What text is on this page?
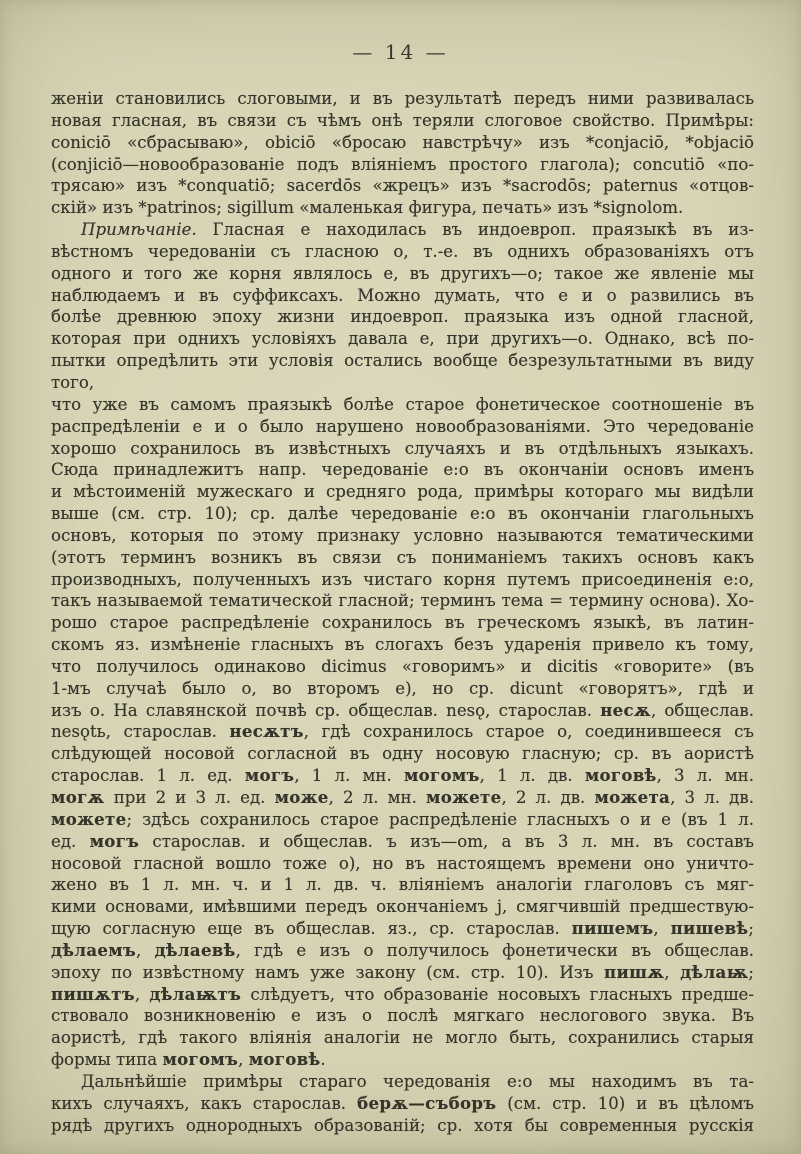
— 14 —
женіи становились слоговыми, и въ результатѣ передъ ними развивалась
новая гласная, въ связи съ чѣмъ онѣ теряли слоговое свойство. Примѣры:
coniciō «сбрасываю», obiciō «бросаю навстрѣчу» изъ *conjaciō, *objaciō
(conjiciō—новообразованіе подъ вліяніемъ простого глагола); concutiō «по-
трясаю» изъ *conquatiō; sacerdōs «жрецъ» изъ *sacrodōs; paternus «отцов-
скій» изъ *patrinos; sigillum «маленькая фигура, печать» изъ *signolom.
Примѣчаніе. Гласная е находилась въ индоевроп. праязыкѣ въ из-
вѣстномъ чередованіи съ гласною о, т.-е. въ однихъ образованіяхъ отъ
одного и того же корня являлось е, въ другихъ—о; такое же явленіе мы
наблюдаемъ и въ суффиксахъ. Можно думать, что е и о развились въ
болѣе древнюю эпоху жизни индоевроп. праязыка изъ одной гласной,
которая при однихъ условіяхъ давала е, при другихъ—о. Однако, всѣ по-
пытки опредѣлить эти условія остались вообще безрезультатными въ виду того,
что уже въ самомъ праязыкѣ болѣе старое фонетическое соотношеніе въ
распредѣленіи е и о было нарушено новообразованіями. Это чередованіе
хорошо сохранилось въ извѣстныхъ случаяхъ и въ отдѣльныхъ языкахъ.
Сюда принадлежитъ напр. чередованіе е:о въ окончаніи основъ именъ
и мѣстоименій мужескаго и средняго рода, примѣры котораго мы видѣли
выше (см. стр. 10); ср. далѣе чередованіе е:о въ окончаніи глагольныхъ
основъ, которыя по этому признаку условно называются тематическими
(этотъ терминъ возникъ въ связи съ пониманіемъ такихъ основъ какъ
производныхъ, полученныхъ изъ чистаго корня путемъ присоединенія е:о,
такъ называемой тематической гласной; терминъ тема = термину основа). Хо-
рошо старое распредѣленіе сохранилось въ греческомъ языкѣ, въ латин-
скомъ яз. измѣненіе гласныхъ въ слогахъ безъ ударенія привело къ тому,
что получилось одинаково dicimus «говоримъ» и dicitis «говорите» (въ
1-мъ случаѣ было о, во второмъ е), но ср. dicunt «говорятъ», гдѣ и
изъ о. На славянской почвѣ ср. общеслав. nesǫ, старослав. несѫ, общеслав.
nesǫtь, старослав. несѫтъ, гдѣ сохранилось старое о, соединившееся съ
слѣдующей носовой согласной въ одну носовую гласную; ср. въ аористѣ
старослав. 1 л. ед. могъ, 1 л. мн. могомъ, 1 л. дв. моговѣ, 3 л. мн.
могѫ при 2 и 3 л. ед. може, 2 л. мн. можете, 2 л. дв. можета, 3 л. дв.
можете; здѣсь сохранилось старое распредѣленіе гласныхъ о и е (въ 1 л.
ед. могъ старослав. и общеслав. ъ изъ—om, а въ 3 л. мн. въ составъ
носовой гласной вошло тоже о), но въ настоящемъ времени оно уничто-
жено въ 1 л. мн. ч. и 1 л. дв. ч. вліяніемъ аналогіи глаголовъ съ мяг-
кими основами, имѣвшими передъ окончаніемъ j, смягчившій предшествую-
щую согласную еще въ общеслав. яз., ср. старослав. пишемъ, пишевѣ;
дѣлаемъ, дѣлаевѣ, гдѣ е изъ о получилось фонетически въ общеслав.
эпоху по извѣстному намъ уже закону (см. стр. 10). Изъ пишѫ, дѣлаѭ;
пишѫтъ, дѣлаѭтъ слѣдуетъ, что образованіе носовыхъ гласныхъ предше-
ствовало возникновенію е изъ о послѣ мягкаго неслогового звука. Въ
аористѣ, гдѣ такого вліянія аналогіи не могло быть, сохранились старыя
формы типа могомъ, моговѣ.
Дальнѣйшіе примѣры стараго чередованія е:о мы находимъ въ та-
кихъ случаяхъ, какъ старослав. берѫ—съборъ (см. стр. 10) и въ цѣломъ
рядѣ другихъ однородныхъ образованій; ср. хотя бы современныя русскія
